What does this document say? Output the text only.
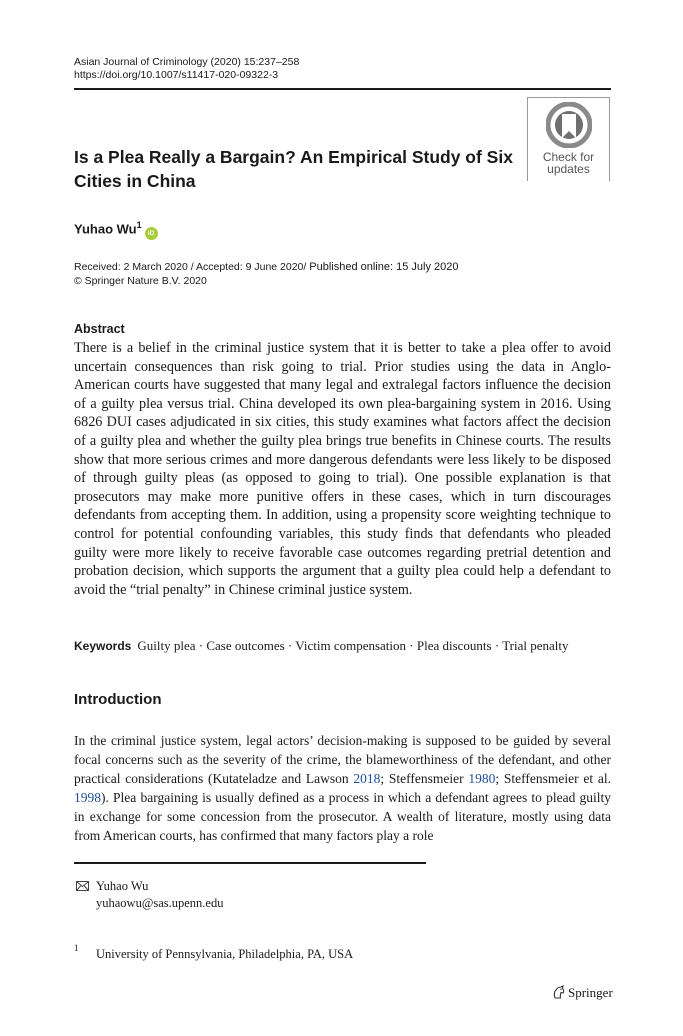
Asian Journal of Criminology (2020) 15:237–258
https://doi.org/10.1007/s11417-020-09322-3
Check for
updates
Is a Plea Really a Bargain? An Empirical Study of Six Cities in China
Yuhao Wu$^1$iD
Received: 2 March 2020 / Accepted: 9 June 2020/ Published online: 15 July 2020
© Springer Nature B.V. 2020
Abstract
There is a belief in the criminal justice system that it is better to take a plea offer to avoid uncertain consequences than risk going to trial. Prior studies using the data in Anglo-American courts have suggested that many legal and extralegal factors influence the decision of a guilty plea versus trial. China developed its own plea-bargaining system in 2016. Using 6826 DUI cases adjudicated in six cities, this study examines what factors affect the decision of a guilty plea and whether the guilty plea brings true benefits in Chinese courts. The results show that more serious crimes and more dangerous defendants were less likely to be disposed of through guilty pleas (as opposed to going to trial). One possible explanation is that prosecutors may make more punitive offers in these cases, which in turn discourages defendants from accepting them. In addition, using a propensity score weighting technique to control for potential confounding variables, this study finds that defendants who pleaded guilty were more likely to receive favorable case outcomes regarding pretrial detention and probation decision, which supports the argument that a guilty plea could help a defendant to avoid the “trial penalty” in Chinese criminal justice system.
Keywords Guilty plea · Case outcomes · Victim compensation · Plea discounts · Trial penalty
Introduction
In the criminal justice system, legal actors’ decision-making is supposed to be guided by several focal concerns such as the severity of the crime, the blameworthiness of the defendant, and other practical considerations (Kutateladze and Lawson 2018; Steffensmeier 1980; Steffensmeier et al. 1998). Plea bargaining is usually defined as a process in which a defendant agrees to plead guilty in exchange for some concession from the prosecutor. A wealth of literature, mostly using data from American courts, has confirmed that many factors play a role
Yuhao Wu
yuhaowu@sas.upenn.edu
1 University of Pennsylvania, Philadelphia, PA, USA
Springer
